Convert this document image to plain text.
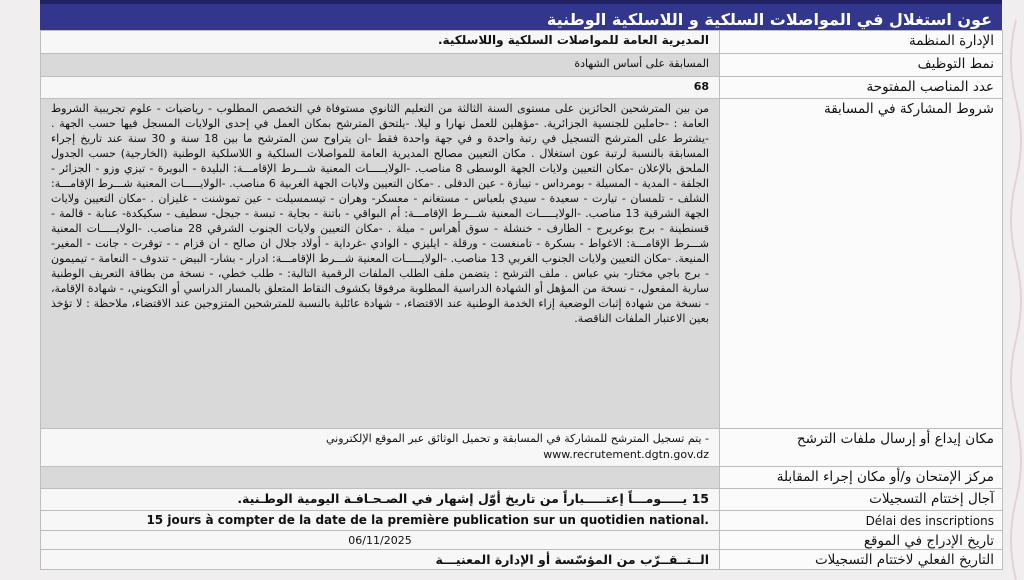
عون استغلال في المواصلات السلكية و اللاسلكية الوطنية
الإدارة المنظمة	المديرية العامة للمواصلات السلكية واللاسلكية.
نمط التوظيف	المسابقة على أساس الشهادة
عدد المناصب المفتوحة	68
شروط المشاركة في المسابقة	من بين المترشحين الحائزين على مستوى السنة الثالثة من التعليم الثانوي مستوفاة في التخصص المطلوب - رياضيات - علوم تجريبية الشروط العامة : -حاملين للجنسية الجزائرية. -مؤهلين للعمل نهارا و ليلا. -يلتحق المترشح بمكان العمل في إحدى الولايات المسجل فيها حسب الجهة . -يشترط على المترشح التسجيل في رتبة واحدة و في جهة واحدة فقط -ان يتراوح سن المترشح ما بين 18 سنة و 30 سنة عند تاريخ إجراء المسابقة بالنسبة لرتبة عون استغلال . مكان التعيين مصالح المديرية العامة للمواصلات السلكية و اللاسلكية الوطنية (الخارجية) حسب الجدول الملحق بالإعلان -مكان التعيين ولايات الجهة الوسطى 8 مناصب. -الولايـــــات المعنية شـــرط الإقامـــة: البليدة - البويرة - تيزي وزو - الجزائر - الجلفة - المدية - المسيلة - بومرداس - تيبازة - عين الدفلى . -مكان التعيين ولايات الجهة الغربية 6 مناصب. -الولايـــــات المعنية شـــرط الإقامـــة: الشلف - تلمسان - تيارت - سعيدة - سيدي بلعباس - مستغانم - معسكر- وهران - تيسمسيلت - عين تموشنت - غليزان . -مكان التعيين ولايات الجهة الشرقية 13 مناصب. -الولايـــــات المعنية شـــرط الإقامـــة: أم البواقي - باتنة - بجاية - تبسة - جيجل- سطيف - سكيكدة- عنابة - قالمة - قسنطينة - برج بوعريرج - الطارف - خنشلة - سوق أهراس - ميلة . -مكان التعيين ولايات الجنوب الشرقي 28 مناصب. -الولايـــــات المعنية شـــرط الإقامـــة: الاغواط - بسكرة - تامنغست - ورقلة - ايليزي - الوادي -غرداية - أولاد جلال ان صالح - ان قزام - - توقرت - جانت - المغير- المنيعة. -مكان التعيين ولايات الجنوب الغربي 13 مناصب. -الولايـــــات المعنية شـــرط الإقامـــة: ادرار - بشار- البيض - تندوف - النعامة - تيميمون - برج باجي مختار- بني عباس . ملف الترشح : يتضمن ملف الطلب الملفات الرقمية التالية: - طلب خطي، - نسخة من بطاقة التعريف الوطنية سارية المفعول، - نسخة من المؤهل أو الشهادة الدراسية المطلوبة مرفوقا بكشوف النقاط المتعلق بالمسار الدراسي أو التكويني، - شهادة الإقامة، - نسخة من شهادة إثبات الوضعية إزاء الخدمة الوطنية عند الاقتضاء، - شهادة عائلية بالنسبة للمترشحين المتزوجين عند الاقتضاء، ملاحظة : لا تؤخذ بعين الاعتبار الملفات الناقصة.
مكان إيداع أو إرسال ملفات الترشح	- يتم تسجيل المترشح للمشاركة في المسابقة و تحميل الوثائق عبر الموقع الإلكتروني
www.recrutement.dgtn.gov.dz

مركز الإمتحان و/أو مكان إجراء المقابلة	
آجال إختتام التسجيلات	15 يـــــومـــاً إعتـــــباراً من تاريخ أوّل إشهار في الصـحـافـة اليومية الوطـنية.
Délai des inscriptions	15 jours à compter de la date de la première publication sur un quotidien national.
تاريخ الإدراج في الموقع	06/11/2025
التاريخ الفعلي لاختتام التسجيلات	الــتــقــرّب من المؤسّسة أو الإدارة المعنيـــة
